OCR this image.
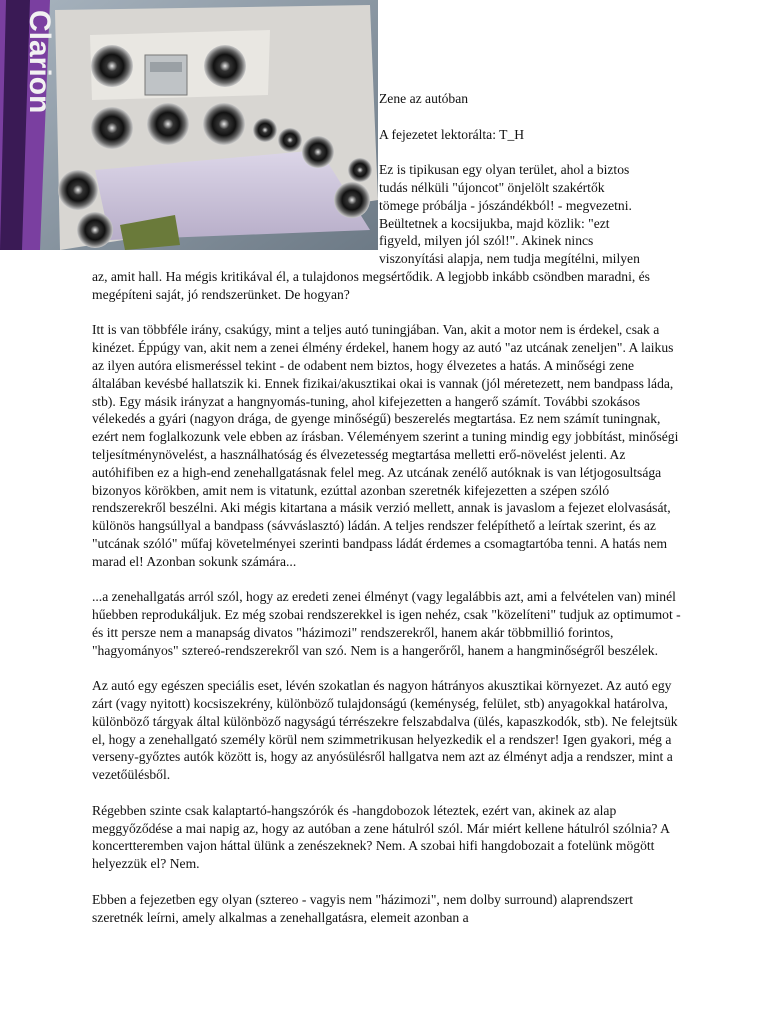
Clarion	Zene az autóban
A fejezetet lektorálta: T_H
Ez is tipikusan egy olyan terület, ahol a biztos
tudás nélküli "újoncot" önjelölt szakértők
tömege próbálja - jószándékból! - megvezetni.
Beültetnek a kocsijukba, majd közlik: "ezt
figyeld, milyen jól szól!". Akinek nincs
viszonyítási alapja, nem tudja megítélni, milyen

az, amit hall. Ha mégis kritikával él, a tulajdonos megsértődik. A legjobb inkább csöndben maradni, és megépíteni saját, jó rendszerünket. De hogyan?

Itt is van többféle irány, csakúgy, mint a teljes autó tuningjában. Van, akit a motor nem is érdekel, csak a kinézet. Éppúgy van, akit nem a zenei élmény érdekel, hanem hogy az autó "az utcának zeneljen". A laikus az ilyen autóra elismeréssel tekint - de odabent nem biztos, hogy élvezetes a hatás. A minőségi zene általában kevésbé hallatszik ki. Ennek fizikai/akusztikai okai is vannak (jól méretezett, nem bandpass láda, stb). Egy másik irányzat a hangnyomás-tuning, ahol kifejezetten a hangerő számít. További szokásos vélekedés a gyári (nagyon drága, de gyenge minőségű) beszerelés megtartása. Ez nem számít tuningnak, ezért nem foglalkozunk vele ebben az írásban. Véleményem szerint a tuning mindig egy jobbítást, minőségi teljesítménynövelést, a használhatóság és élvezetesség megtartása melletti erő-növelést jelenti. Az autóhifiben ez a high-end zenehallgatásnak felel meg. Az utcának zenélő autóknak is van létjogosultsága bizonyos körökben, amit nem is vitatunk, ezúttal azonban szeretnék kifejezetten a szépen szóló rendszerekről beszélni. Aki mégis kitartana a másik verzió mellett, annak is javaslom a fejezet elolvasását, különös hangsúllyal a bandpass (sávváslasztó) ládán. A teljes rendszer felépíthető a leírtak szerint, és az "utcának szóló" műfaj követelményei szerinti bandpass ládát érdemes a csomagtartóba tenni. A hatás nem marad el! Azonban sokunk számára...

...a zenehallgatás arról szól, hogy az eredeti zenei élményt (vagy legalábbis azt, ami a felvételen van) minél hűebben reprodukáljuk. Ez még szobai rendszerekkel is igen nehéz, csak "közelíteni" tudjuk az optimumot - és itt persze nem a manapság divatos "házimozi" rendszerekről, hanem akár többmillió forintos, "hagyományos" sztereó-rendszerekről van szó. Nem is a hangerőről, hanem a hangminőségről beszélek.

Az autó egy egészen speciális eset, lévén szokatlan és nagyon hátrányos akusztikai környezet. Az autó egy zárt (vagy nyitott) kocsiszekrény, különböző tulajdonságú (keménység, felület, stb) anyagokkal határolva, különböző tárgyak által különböző nagyságú térrészekre felszabdalva (ülés, kapaszkodók, stb). Ne felejtsük el, hogy a zenehallgató személy körül nem szimmetrikusan helyezkedik el a rendszer! Igen gyakori, még a verseny-győztes autók között is, hogy az anyósülésről hallgatva nem azt az élményt adja a rendszer, mint a vezetőülésből.

Régebben szinte csak kalaptartó-hangszórók és -hangdobozok léteztek, ezért van, akinek az alap meggyőződése a mai napig az, hogy az autóban a zene hátulról szól. Már miért kellene hátulról szólnia? A koncertteremben vajon háttal ülünk a zenészeknek? Nem. A szobai hifi hangdobozait a fotelünk mögött helyezzük el? Nem.

Ebben a fejezetben egy olyan (sztereo - vagyis nem "házimozi", nem dolby surround) alaprendszert szeretnék leírni, amely alkalmas a zenehallgatásra, elemeit azonban a
